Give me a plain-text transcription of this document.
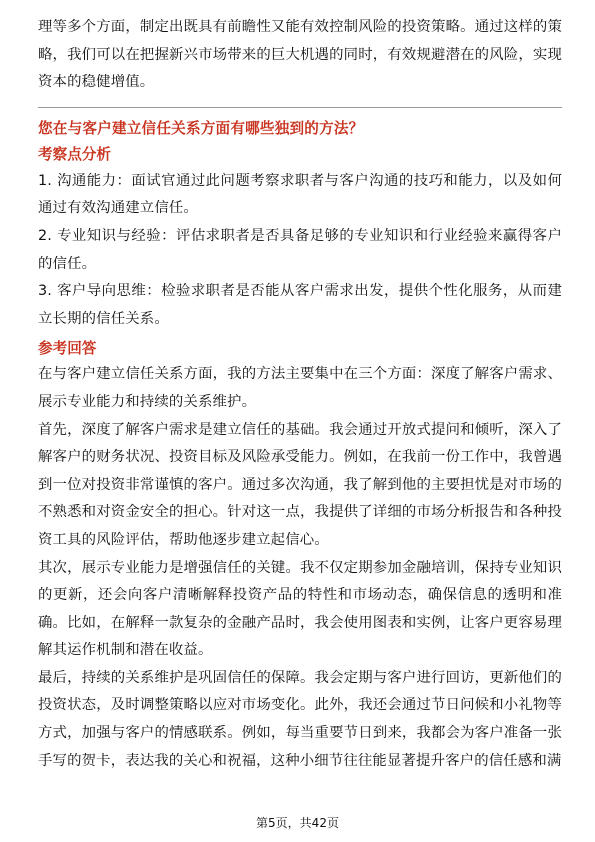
理等多个方面，制定出既具有前瞻性又能有效控制风险的投资策略。通过这样的策略，我们可以在把握新兴市场带来的巨大机遇的同时，有效规避潜在的风险，实现资本的稳健增值。

您在与客户建立信任关系方面有哪些独到的方法？

考察点分析

1. 沟通能力：面试官通过此问题考察求职者与客户沟通的技巧和能力，以及如何通过有效沟通建立信任。

2. 专业知识与经验：评估求职者是否具备足够的专业知识和行业经验来赢得客户的信任。

3. 客户导向思维：检验求职者是否能从客户需求出发，提供个性化服务，从而建立长期的信任关系。

参考回答

在与客户建立信任关系方面，我的方法主要集中在三个方面：深度了解客户需求、展示专业能力和持续的关系维护。

首先，深度了解客户需求是建立信任的基础。我会通过开放式提问和倾听，深入了解客户的财务状况、投资目标及风险承受能力。例如，在我前一份工作中，我曾遇到一位对投资非常谨慎的客户。通过多次沟通，我了解到他的主要担忧是对市场的不熟悉和对资金安全的担心。针对这一点，我提供了详细的市场分析报告和各种投资工具的风险评估，帮助他逐步建立起信心。

其次，展示专业能力是增强信任的关键。我不仅定期参加金融培训，保持专业知识的更新，还会向客户清晰解释投资产品的特性和市场动态，确保信息的透明和准确。比如，在解释一款复杂的金融产品时，我会使用图表和实例，让客户更容易理解其运作机制和潜在收益。

最后，持续的关系维护是巩固信任的保障。我会定期与客户进行回访，更新他们的投资状态，及时调整策略以应对市场变化。此外，我还会通过节日问候和小礼物等方式，加强与客户的情感联系。例如，每当重要节日到来，我都会为客户准备一张手写的贺卡，表达我的关心和祝福，这种小细节往往能显著提升客户的信任感和满

第5页，共42页
